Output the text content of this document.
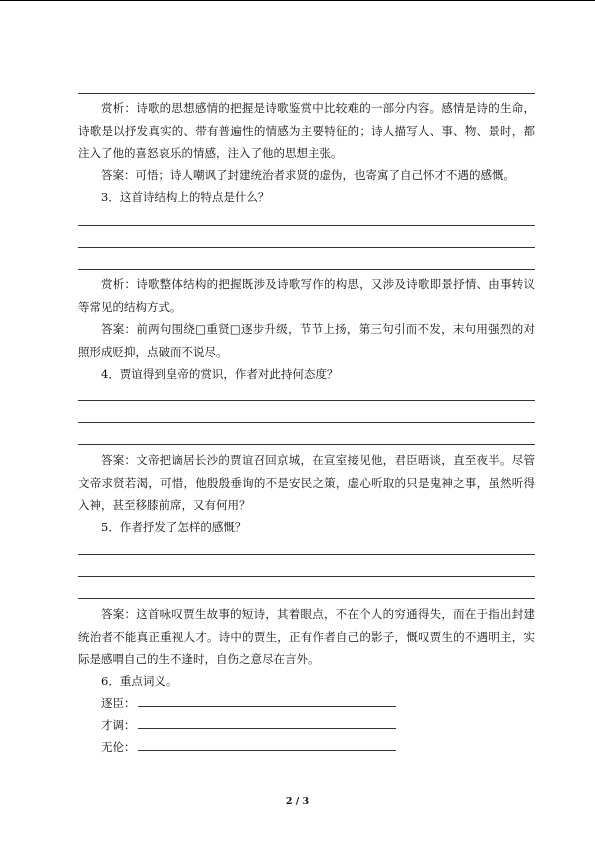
赏析：诗歌的思想感情的把握是诗歌鉴赏中比较难的一部分内容。感情是诗的生命，诗歌是以抒发真实的、带有普遍性的情感为主要特征的；诗人描写人、事、物、景时，都注入了他的喜怒哀乐的情感，注入了他的思想主张。
答案：可悟；诗人嘲讽了封建统治者求贤的虚伪，也寄寓了自己怀才不遇的感慨。
3．这首诗结构上的特点是什么？
赏析：诗歌整体结构的把握既涉及诗歌写作的构思，又涉及诗歌即景抒情、由事转议等常见的结构方式。
答案：前两句围绕□重贤□逐步升级，节节上扬，第三句引而不发，末句用强烈的对照形成贬抑，点破而不说尽。
4．贾谊得到皇帝的赏识，作者对此持何态度？
答案：文帝把谪居长沙的贾谊召回京城，在宣室接见他，君臣晤谈，直至夜半。尽管文帝求贤若渴，可惜，他殷殷垂询的不是安民之策，虚心听取的只是鬼神之事，虽然听得入神，甚至移膝前席，又有何用？
5．作者抒发了怎样的感慨？
答案：这首咏叹贾生故事的短诗，其着眼点，不在个人的穷通得失，而在于指出封建统治者不能真正重视人才。诗中的贾生，正有作者自己的影子，慨叹贾生的不遇明主，实际是感喟自己的生不逢时，自伤之意尽在言外。
6．重点词义。
逐臣：
才调：
无伦：
2 / 3
